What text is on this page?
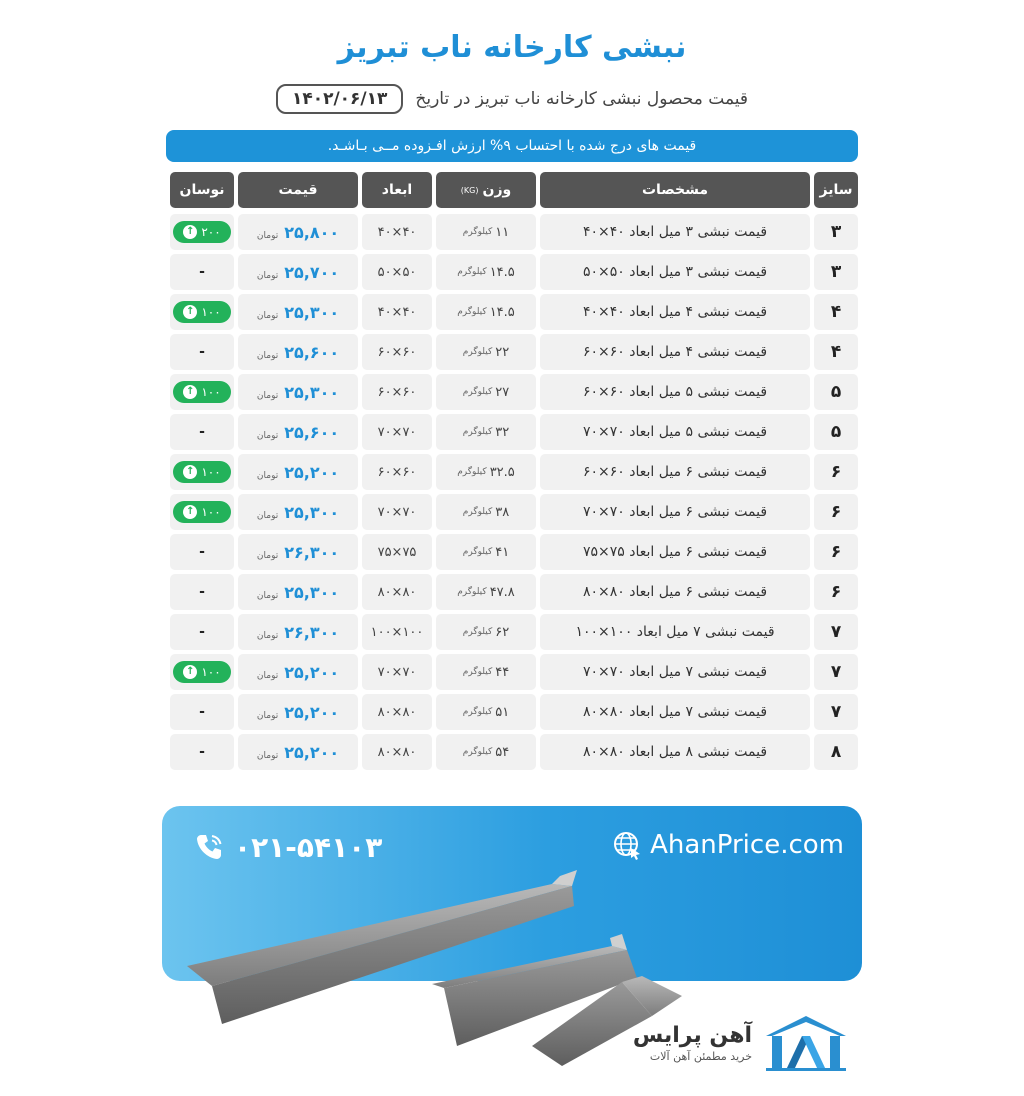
نبشی کارخانه ناب تبریز
قیمت محصول نبشی کارخانه ناب تبریز در تاریخ
۱۴۰۲/۰۶/۱۳
قیمت های درج شده با احتساب ۹% ارزش افـزوده مــی بـاشـد.
سایز
مشخصات
وزن
(KG)
ابعاد
قیمت
نوسان
۳
قیمت نبشی ۳ میل ابعاد ۴۰×۴۰
۱۱
کیلوگرم
۴۰×۴۰
۲۵,۸۰۰
تومان
↑ ۲۰۰
۳
قیمت نبشی ۳ میل ابعاد ۵۰×۵۰
۱۴.۵
کیلوگرم
۵۰×۵۰
۲۵,۷۰۰
تومان
-
۴
قیمت نبشی ۴ میل ابعاد ۴۰×۴۰
۱۴.۵
کیلوگرم
۴۰×۴۰
۲۵,۳۰۰
تومان
↑ ۱۰۰
۴
قیمت نبشی ۴ میل ابعاد ۶۰×۶۰
۲۲
کیلوگرم
۶۰×۶۰
۲۵,۶۰۰
تومان
-
۵
قیمت نبشی ۵ میل ابعاد ۶۰×۶۰
۲۷
کیلوگرم
۶۰×۶۰
۲۵,۳۰۰
تومان
↑ ۱۰۰
۵
قیمت نبشی ۵ میل ابعاد ۷۰×۷۰
۳۲
کیلوگرم
۷۰×۷۰
۲۵,۶۰۰
تومان
-
۶
قیمت نبشی ۶ میل ابعاد ۶۰×۶۰
۳۲.۵
کیلوگرم
۶۰×۶۰
۲۵,۲۰۰
تومان
↑ ۱۰۰
۶
قیمت نبشی ۶ میل ابعاد ۷۰×۷۰
۳۸
کیلوگرم
۷۰×۷۰
۲۵,۳۰۰
تومان
↑ ۱۰۰
۶
قیمت نبشی ۶ میل ابعاد ۷۵×۷۵
۴۱
کیلوگرم
۷۵×۷۵
۲۶,۳۰۰
تومان
-
۶
قیمت نبشی ۶ میل ابعاد ۸۰×۸۰
۴۷.۸
کیلوگرم
۸۰×۸۰
۲۵,۳۰۰
تومان
-
۷
قیمت نبشی ۷ میل ابعاد ۱۰۰×۱۰۰
۶۲
کیلوگرم
۱۰۰×۱۰۰
۲۶,۳۰۰
تومان
-
۷
قیمت نبشی ۷ میل ابعاد ۷۰×۷۰
۴۴
کیلوگرم
۷۰×۷۰
۲۵,۲۰۰
تومان
↑ ۱۰۰
۷
قیمت نبشی ۷ میل ابعاد ۸۰×۸۰
۵۱
کیلوگرم
۸۰×۸۰
۲۵,۲۰۰
تومان
-
۸
قیمت نبشی ۸ میل ابعاد ۸۰×۸۰
۵۴
کیلوگرم
۸۰×۸۰
۲۵,۲۰۰
تومان
-
۰۲۱-۵۴۱۰۳	AhanPrice.com
آهن پرایس
خرید مطمئن آهن آلات
